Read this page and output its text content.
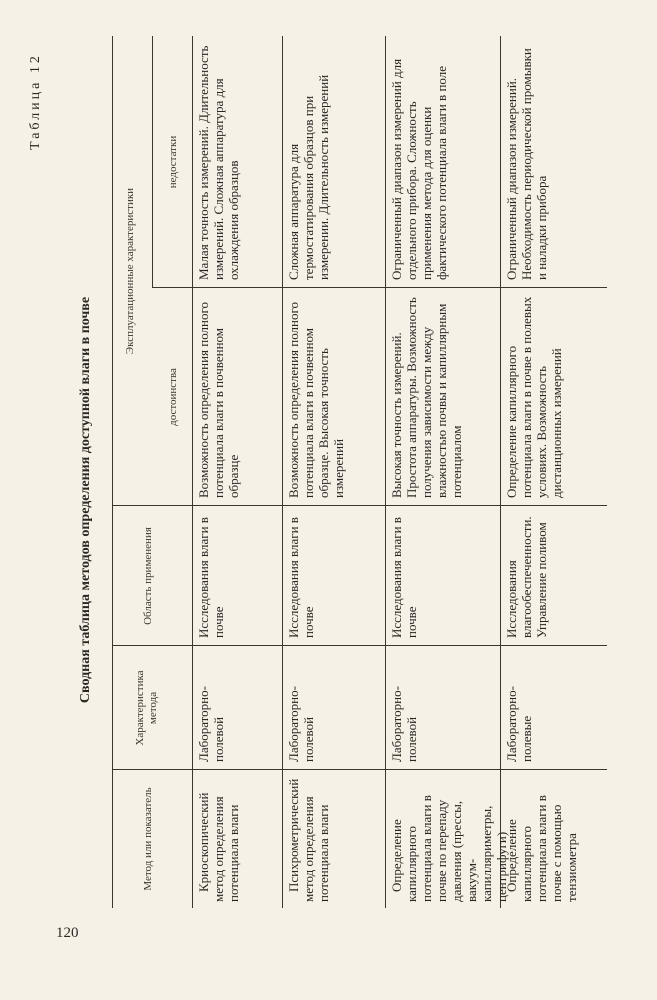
120
Таблица 12
Сводная таблица методов определения доступной влаги в почве
Метод или показатель
Характеристика метода
Область применения
Эксплуатационные характеристики
достоинства
недостатки
Криоскопический метод определения потенциала влаги
Лабораторно-полевой
Исследования влаги в почве
Возможность определения полного потенциала влаги в почвенном образце
Малая точность измерений. Длительность измерений. Сложная аппаратура для охлаждения образцов
Психрометрический метод определения потенциала влаги
Лабораторно-полевой
Исследования влаги в почве
Возможность определения полного потенциала влаги в почвенном образце. Высокая точность измерений
Сложная аппаратура для термостатирования образцов при измерении. Длительность измерений
Определение капиллярного потенциала влаги в почве по перепаду давления (прессы, вакуум-капилляриметры, центрифуги)
Лабораторно-полевой
Исследования влаги в почве
Высокая точность измерений. Простота аппаратуры. Возможность получения зависимости между влажностью почвы и капиллярным потенциалом
Ограниченный диапазон измерений для отдельного прибора. Сложность применения метода для оценки фактического потенциала влаги в поле
Определение капиллярного потенциала влаги в почве с помощью тензиометра
Лабораторно-полевые
Исследования влагообеспеченности. Управление поливом
Определение капиллярного потенциала влаги в почве в полевых условиях. Возможность дистанционных измерений
Ограниченный диапазон измерений. Необходимость периодической промывки и наладки прибора
